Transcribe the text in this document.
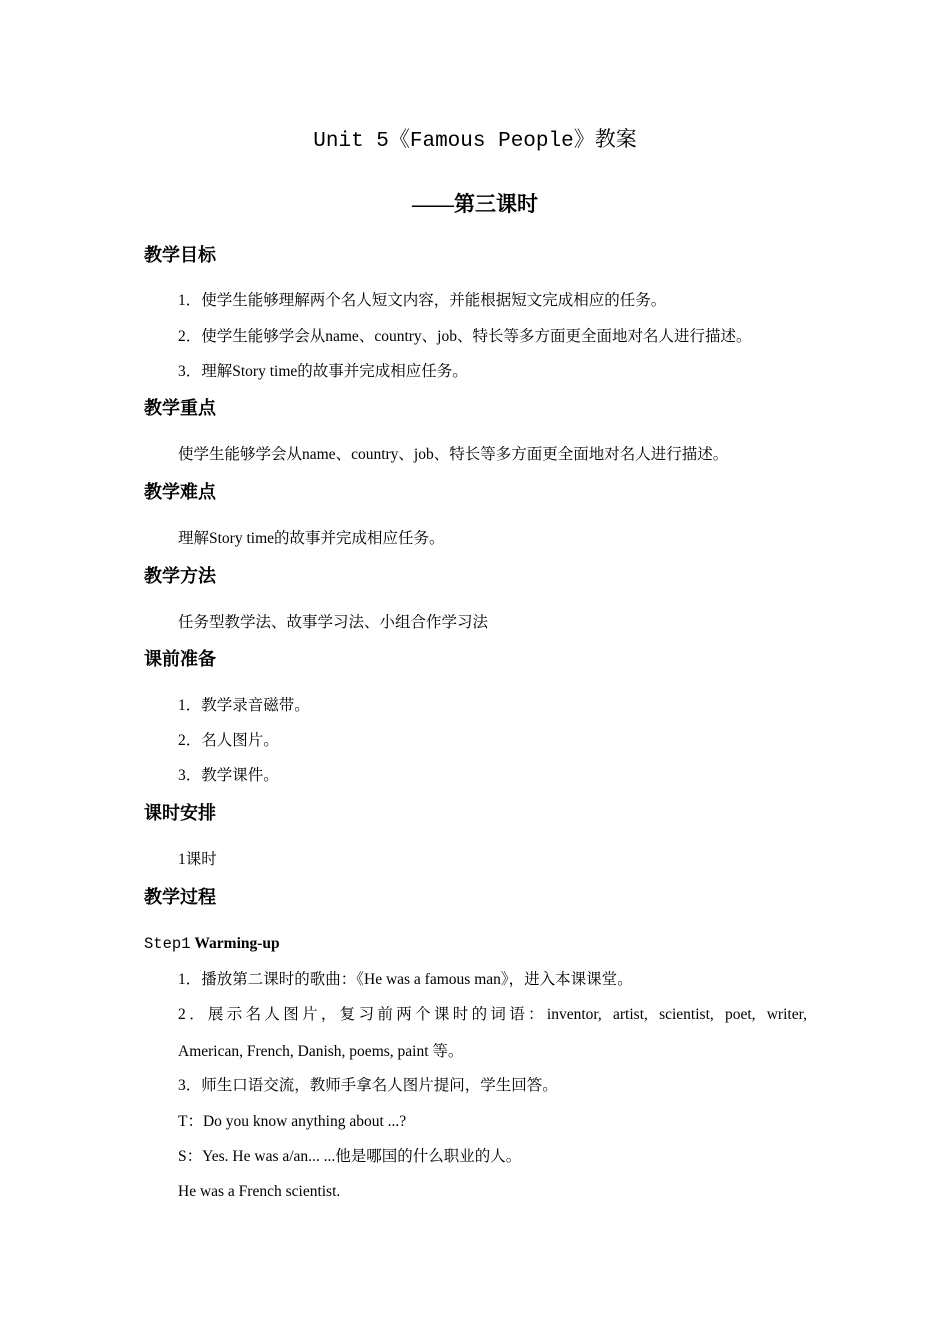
Unit 5《Famous People》教案
——第三课时
教学目标
1．使学生能够理解两个名人短文内容，并能根据短文完成相应的任务。
2．使学生能够学会从name、country、job、特长等多方面更全面地对名人进行描述。
3．理解Story time的故事并完成相应任务。
教学重点
使学生能够学会从name、country、job、特长等多方面更全面地对名人进行描述。
教学难点
理解Story time的故事并完成相应任务。
教学方法
任务型教学法、故事学习法、小组合作学习法
课前准备
1．教学录音磁带。
2．名人图片。
3．教学课件。
课时安排
1课时
教学过程
Step1 Warming-up
1．播放第二课时的歌曲：《He was a famous man》，进入本课课堂。
2．展示名人图片，复习前两个课时的词语：inventor, artist, scientist, poet, writer,
American, French, Danish, poems, paint 等。
3．师生口语交流，教师手拿名人图片提问，学生回答。
T：Do you know anything about ...?
S：Yes. He was a/an... ...他是哪国的什么职业的人。
He was a French scientist.
